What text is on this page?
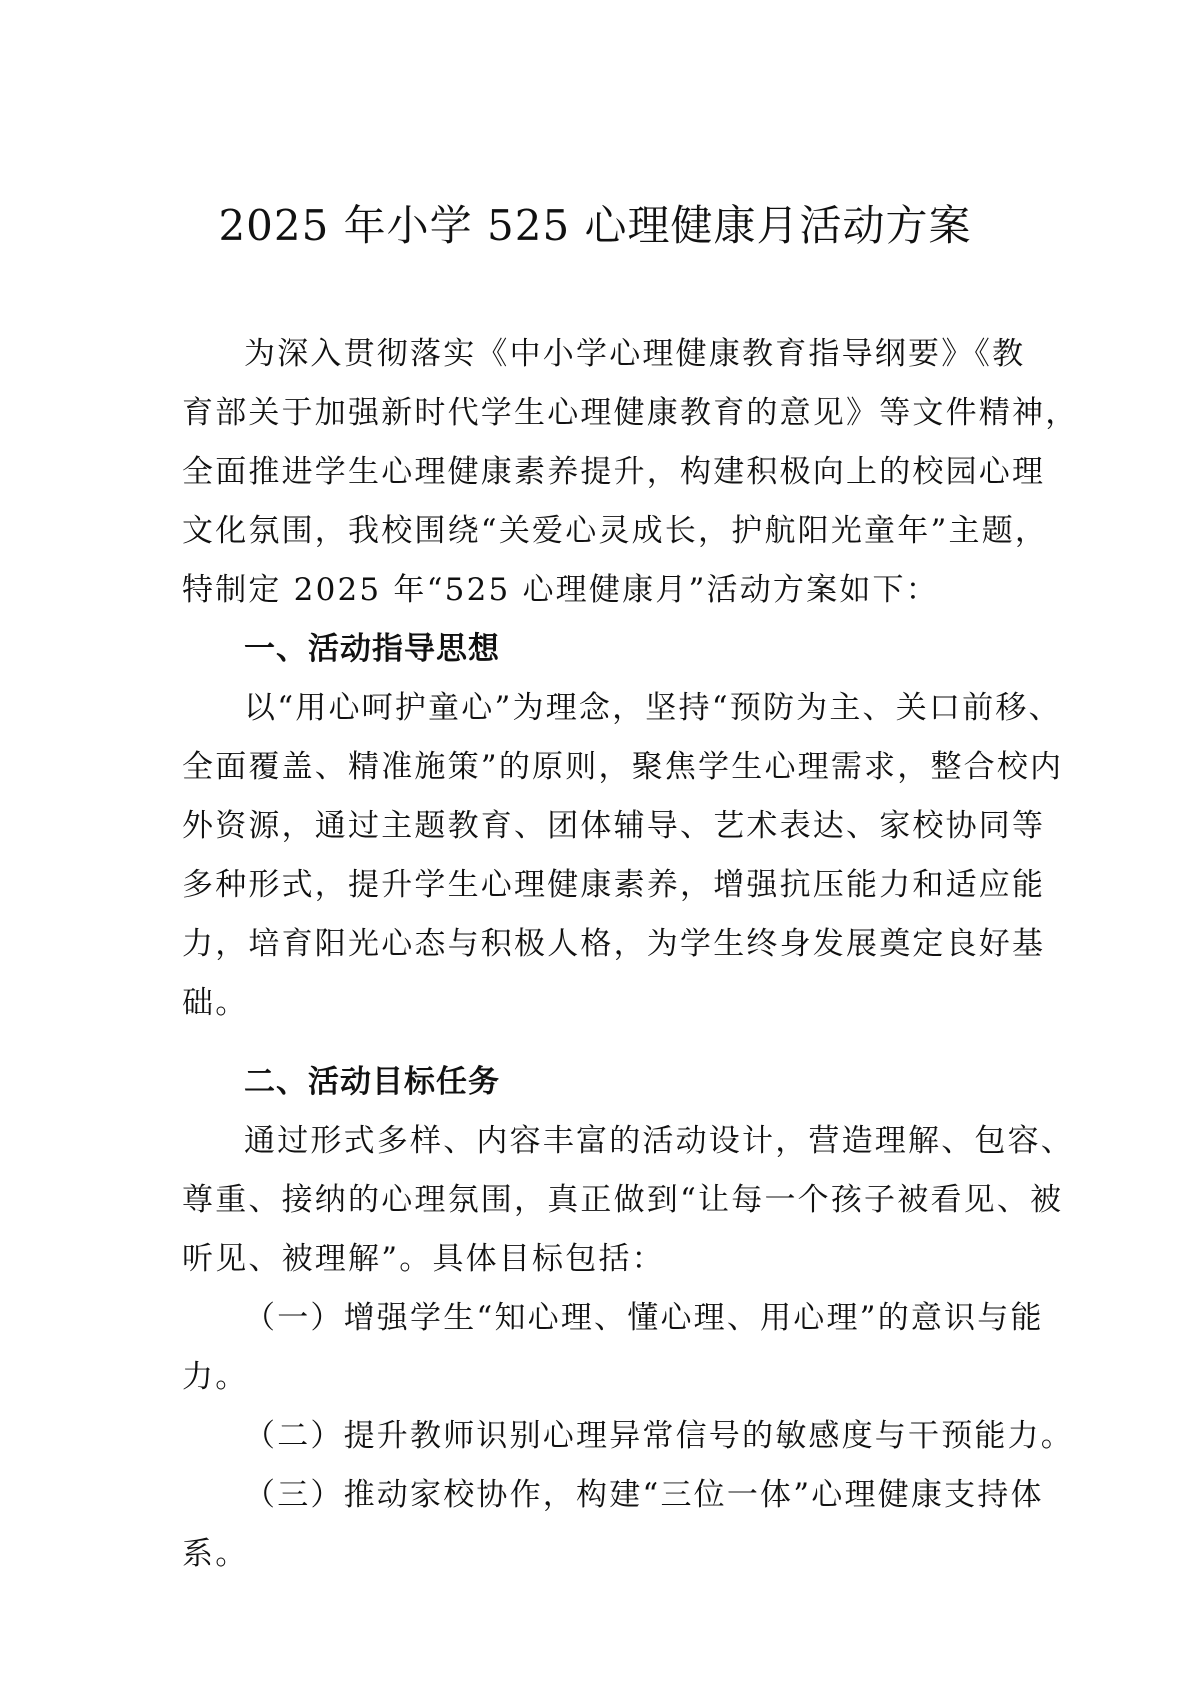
2025 年小学 525 心理健康月活动方案
为深入贯彻落实《中小学心理健康教育指导纲要》《教
育部关于加强新时代学生心理健康教育的意见》等文件精神，
全面推进学生心理健康素养提升，构建积极向上的校园心理
文化氛围，我校围绕“关爱心灵成长，护航阳光童年”主题，
特制定 2025 年“525 心理健康月”活动方案如下：
一、活动指导思想
以“用心呵护童心”为理念，坚持“预防为主、关口前移、
全面覆盖、精准施策”的原则，聚焦学生心理需求，整合校内
外资源，通过主题教育、团体辅导、艺术表达、家校协同等
多种形式，提升学生心理健康素养，增强抗压能力和适应能
力，培育阳光心态与积极人格，为学生终身发展奠定良好基
础。
二、活动目标任务
通过形式多样、内容丰富的活动设计，营造理解、包容、
尊重、接纳的心理氛围，真正做到“让每一个孩子被看见、被
听见、被理解”。具体目标包括：
（一）增强学生“知心理、懂心理、用心理”的意识与能
力。
（二）提升教师识别心理异常信号的敏感度与干预能力。
（三）推动家校协作，构建“三位一体”心理健康支持体
系。
